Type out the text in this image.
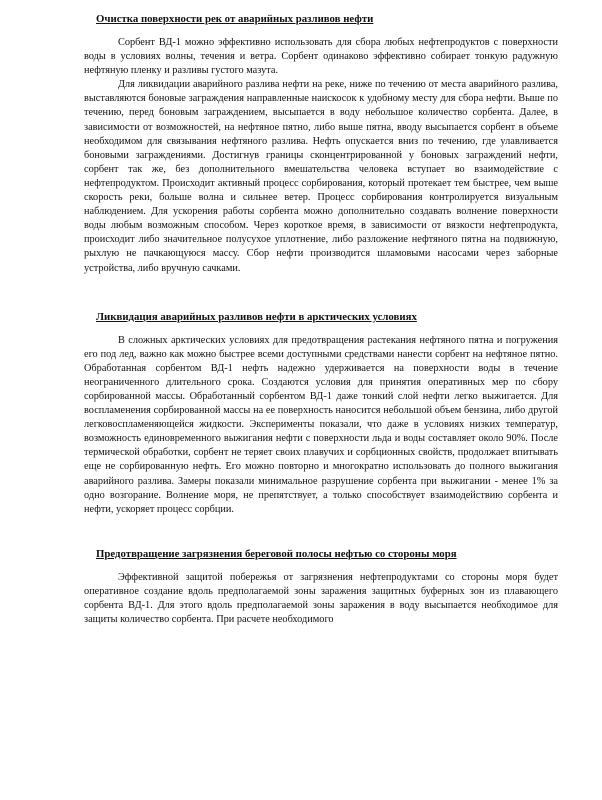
Очистка поверхности рек от аварийных разливов нефти

Сорбент ВД-1 можно эффективно использовать для сбора любых нефтепродуктов с поверхности воды в условиях волны, течения и ветра. Сорбент одинаково эффективно собирает тонкую радужную нефтяную пленку и разливы густого мазута.

Для ликвидации аварийного разлива нефти на реке, ниже по течению от места аварийного разлива, выставляются боновые заграждения направленные наискосок к удобному месту для сбора нефти. Выше по течению, перед боновым заграждением, высыпается в воду небольшое количество сорбента. Далее, в зависимости от возможностей, на нефтяное пятно, либо выше пятна, вводу высыпается сорбент в объеме необходимом для связывания нефтяного разлива. Нефть опускается вниз по течению, где улавливается боновыми заграждениями. Достигнув границы сконцентрированной у боновых заграждений нефти, сорбент так же, без дополнительного вмешательства человека вступает во взаимодействие с нефтепродуктом. Происходит активный процесс сорбирования, который протекает тем быстрее, чем выше скорость реки, больше волна и сильнее ветер. Процесс сорбирования контролируется визуальным наблюдением. Для ускорения работы сорбента можно дополнительно создавать волнение поверхности воды любым возможным способом. Через короткое время, в зависимости от вязкости нефтепродукта, происходит либо значительное полусухое уплотнение, либо разложение нефтяного пятна на подвижную, рыхлую не пачкающуюся массу. Сбор нефти производится шламовыми насосами через заборные устройства, либо вручную сачками.

Ликвидация аварийных разливов нефти в арктических условиях

В сложных арктических условиях для предотвращения растекания нефтяного пятна и погружения его под лед, важно как можно быстрее всеми доступными средствами нанести сорбент на нефтяное пятно. Обработанная сорбентом ВД-1 нефть надежно удерживается на поверхности воды в течение неограниченного длительного срока. Создаются условия для принятия оперативных мер по сбору сорбированной массы. Обработанный сорбентом ВД-1 даже тонкий слой нефти легко выжигается. Для воспламенения сорбированной массы на ее поверхность наносится небольшой объем бензина, либо другой легковоспламеняющейся жидкости. Эксперименты показали, что даже в условиях низких температур, возможность единовременного выжигания нефти с поверхности льда и воды составляет около 90%. После термической обработки, сорбент не теряет своих плавучих и сорбционных свойств, продолжает впитывать еще не сорбированную нефть. Его можно повторно и многократно использовать до полного выжигания аварийного разлива. Замеры показали минимальное разрушение сорбента при выжигании - менее 1% за одно возгорание. Волнение моря, не препятствует, а только способствует взаимодействию сорбента и нефти, ускоряет процесс сорбции.

Предотвращение загрязнения береговой полосы нефтью со стороны моря

Эффективной защитой побережья от загрязнения нефтепродуктами со стороны моря будет оперативное создание вдоль предполагаемой зоны заражения защитных буферных зон из плавающего сорбента ВД-1. Для этого вдоль предполагаемой зоны заражения в воду высыпается необходимое для защиты количество сорбента. При расчете необходимого
